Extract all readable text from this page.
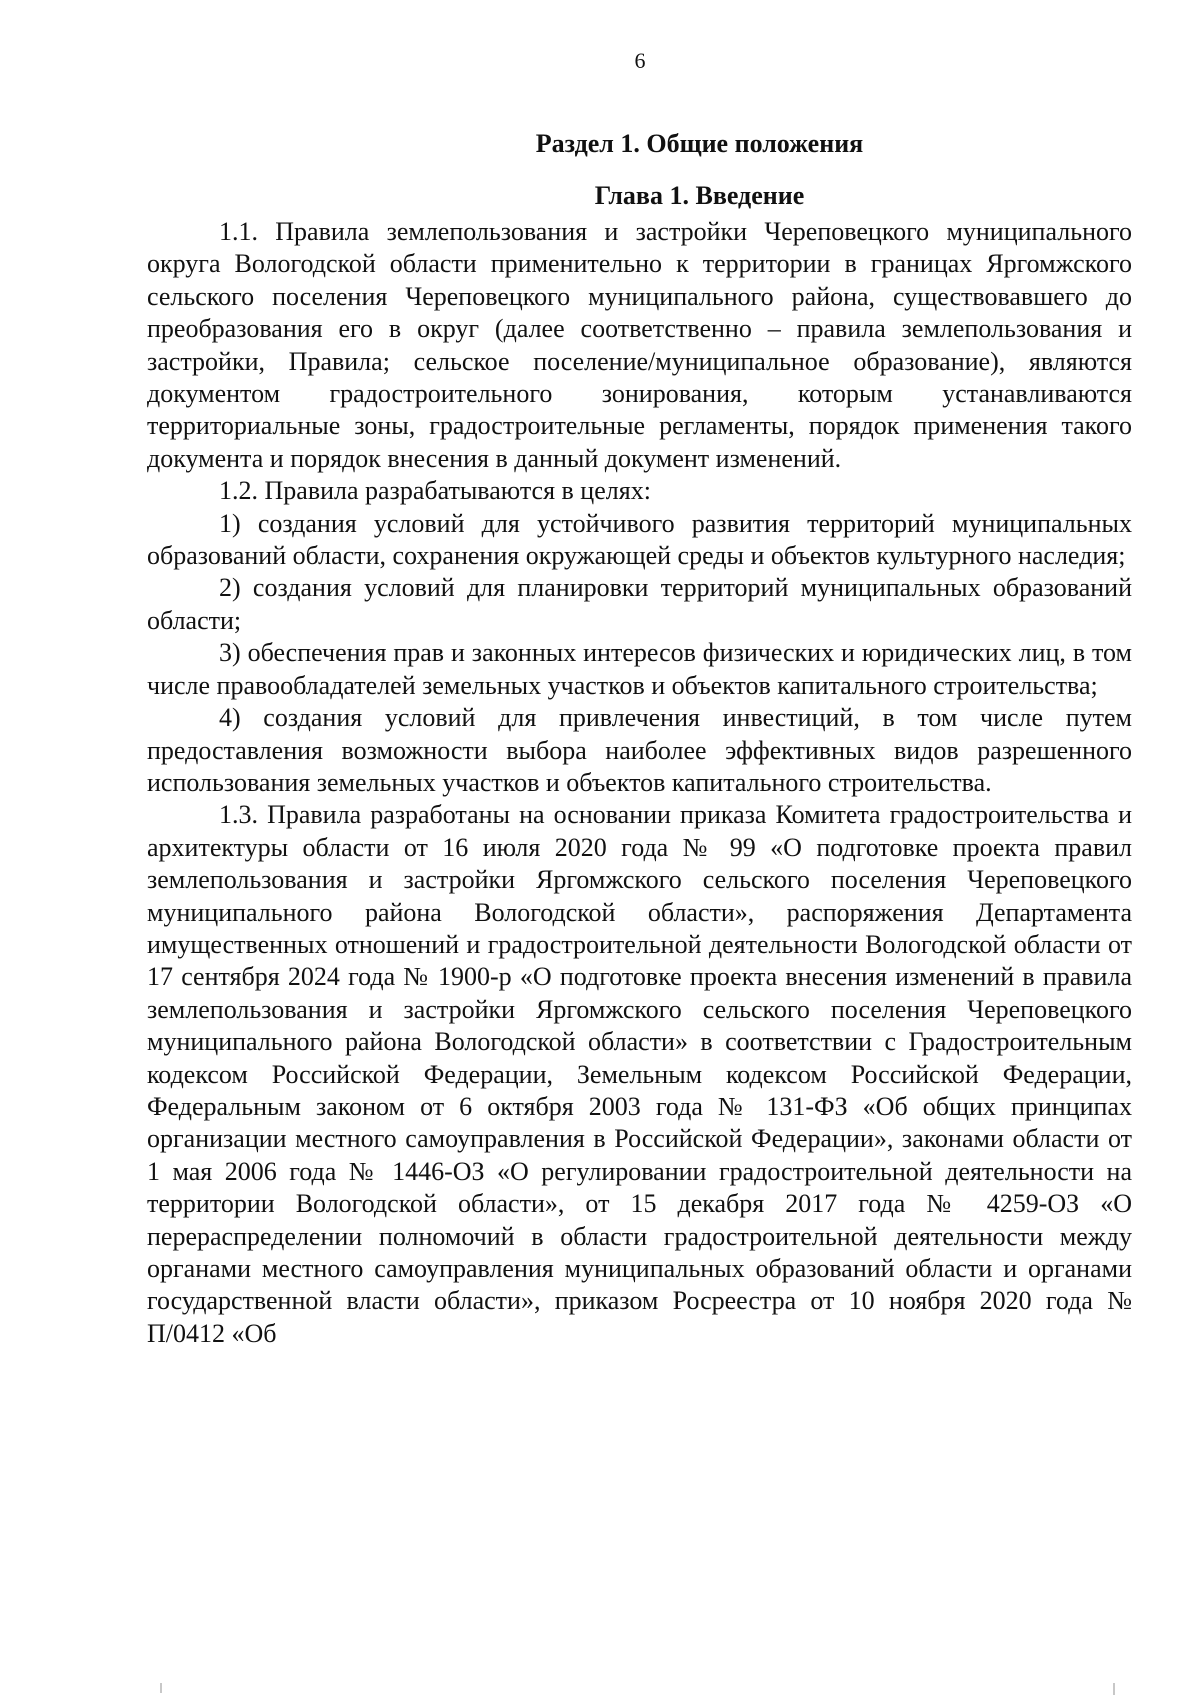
6
Раздел 1. Общие положения
Глава 1. Введение

1.1. Правила землепользования и застройки Череповецкого муниципального округа Вологодской области применительно к территории в границах Яргомжского сельского поселения Череповецкого муниципального района, существовавшего до преобразования его в округ (далее соответственно – правила землепользования и застройки, Правила; сельское поселение/муниципальное образование), являются документом градостроительного зонирования, которым устанавливаются территориальные зоны, градостроительные регламенты, порядок применения такого документа и порядок внесения в данный документ изменений.

1.2. Правила разрабатываются в целях:

1) создания условий для устойчивого развития территорий муниципальных образований области, сохранения окружающей среды и объектов культурного наследия;

2) создания условий для планировки территорий муниципальных образований области;

3) обеспечения прав и законных интересов физических и юридических лиц, в том числе правообладателей земельных участков и объектов капитального строительства;

4) создания условий для привлечения инвестиций, в том числе путем предоставления возможности выбора наиболее эффективных видов разрешенного использования земельных участков и объектов капитального строительства.

1.3. Правила разработаны на основании приказа Комитета градостроительства и архитектуры области от 16 июля 2020 года № 99 «О подготовке проекта правил землепользования и застройки Яргомжского сельского поселения Череповецкого муниципального района Вологодской области», распоряжения Департамента имущественных отношений и градостроительной деятельности Вологодской области от 17 сентября 2024 года № 1900-р «О подготовке проекта внесения изменений в правила землепользования и застройки Яргомжского сельского поселения Череповецкого муниципального района Вологодской области» в соответствии с Градостроительным кодексом Российской Федерации, Земельным кодексом Российской Федерации, Федеральным законом от 6 октября 2003 года № 131-ФЗ «Об общих принципах организации местного самоуправления в Российской Федерации», законами области от 1 мая 2006 года № 1446-ОЗ «О регулировании градостроительной деятельности на территории Вологодской области», от 15 декабря 2017 года № 4259-ОЗ «О перераспределении полномочий в области градостроительной деятельности между органами местного самоуправления муниципальных образований области и органами государственной власти области», приказом Росреестра от 10 ноября 2020 года № П/0412 «Об
